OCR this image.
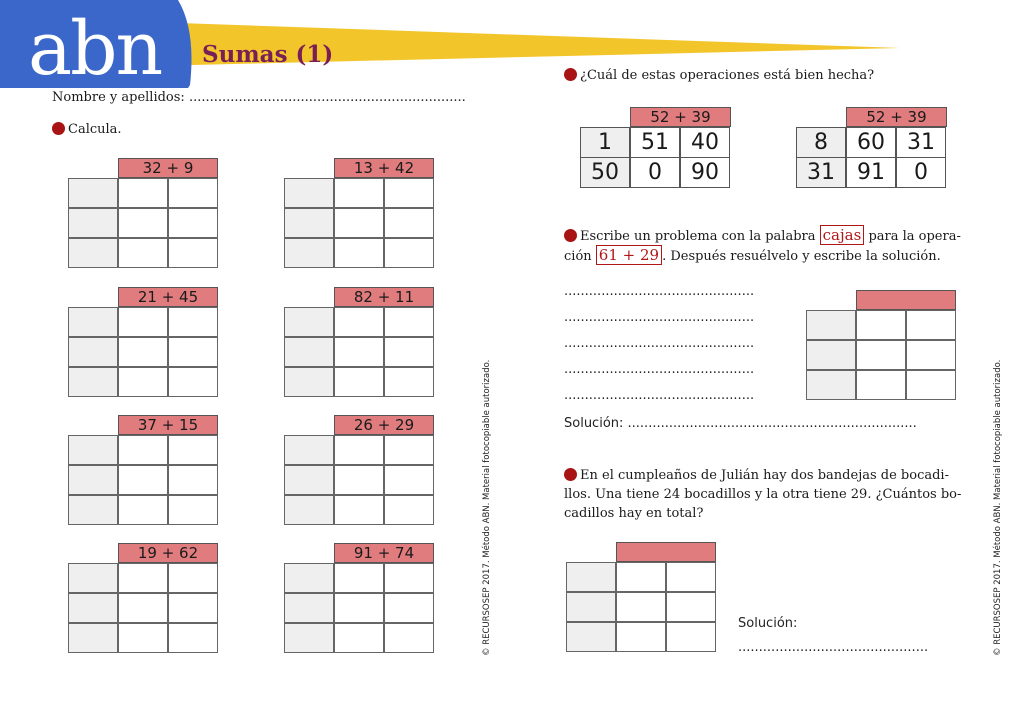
abn Sumas (1)
Nombre y apellidos: ...................................................................
Calcula.
32 + 9	13 + 42
21 + 45	82 + 11
37 + 15	26 + 29
19 + 62	91 + 74	© RECURSOSEP 2017. Método ABN. Material fotocopiable autorizado.	© RECURSOSEP 2017. Método ABN. Material fotocopiable autorizado.
¿Cuál de estas operaciones está bien hecha?
52 + 39
1	51	40
50	0	90
52 + 39
8	60	31
31	91	0
Escribe un problema con la palabra cajas para la opera-
ción 61 + 29 . Después resuélvelo y escribe la solución.
..............................................
..............................................
..............................................
..............................................
..............................................
Solución: ......................................................................
En el cumpleaños de Julián hay dos bandejas de bocadi-
llos. Una tiene 24 bocadillos y la otra tiene 29. ¿Cuántos bo-
cadillos hay en total?
Solución:
..............................................
